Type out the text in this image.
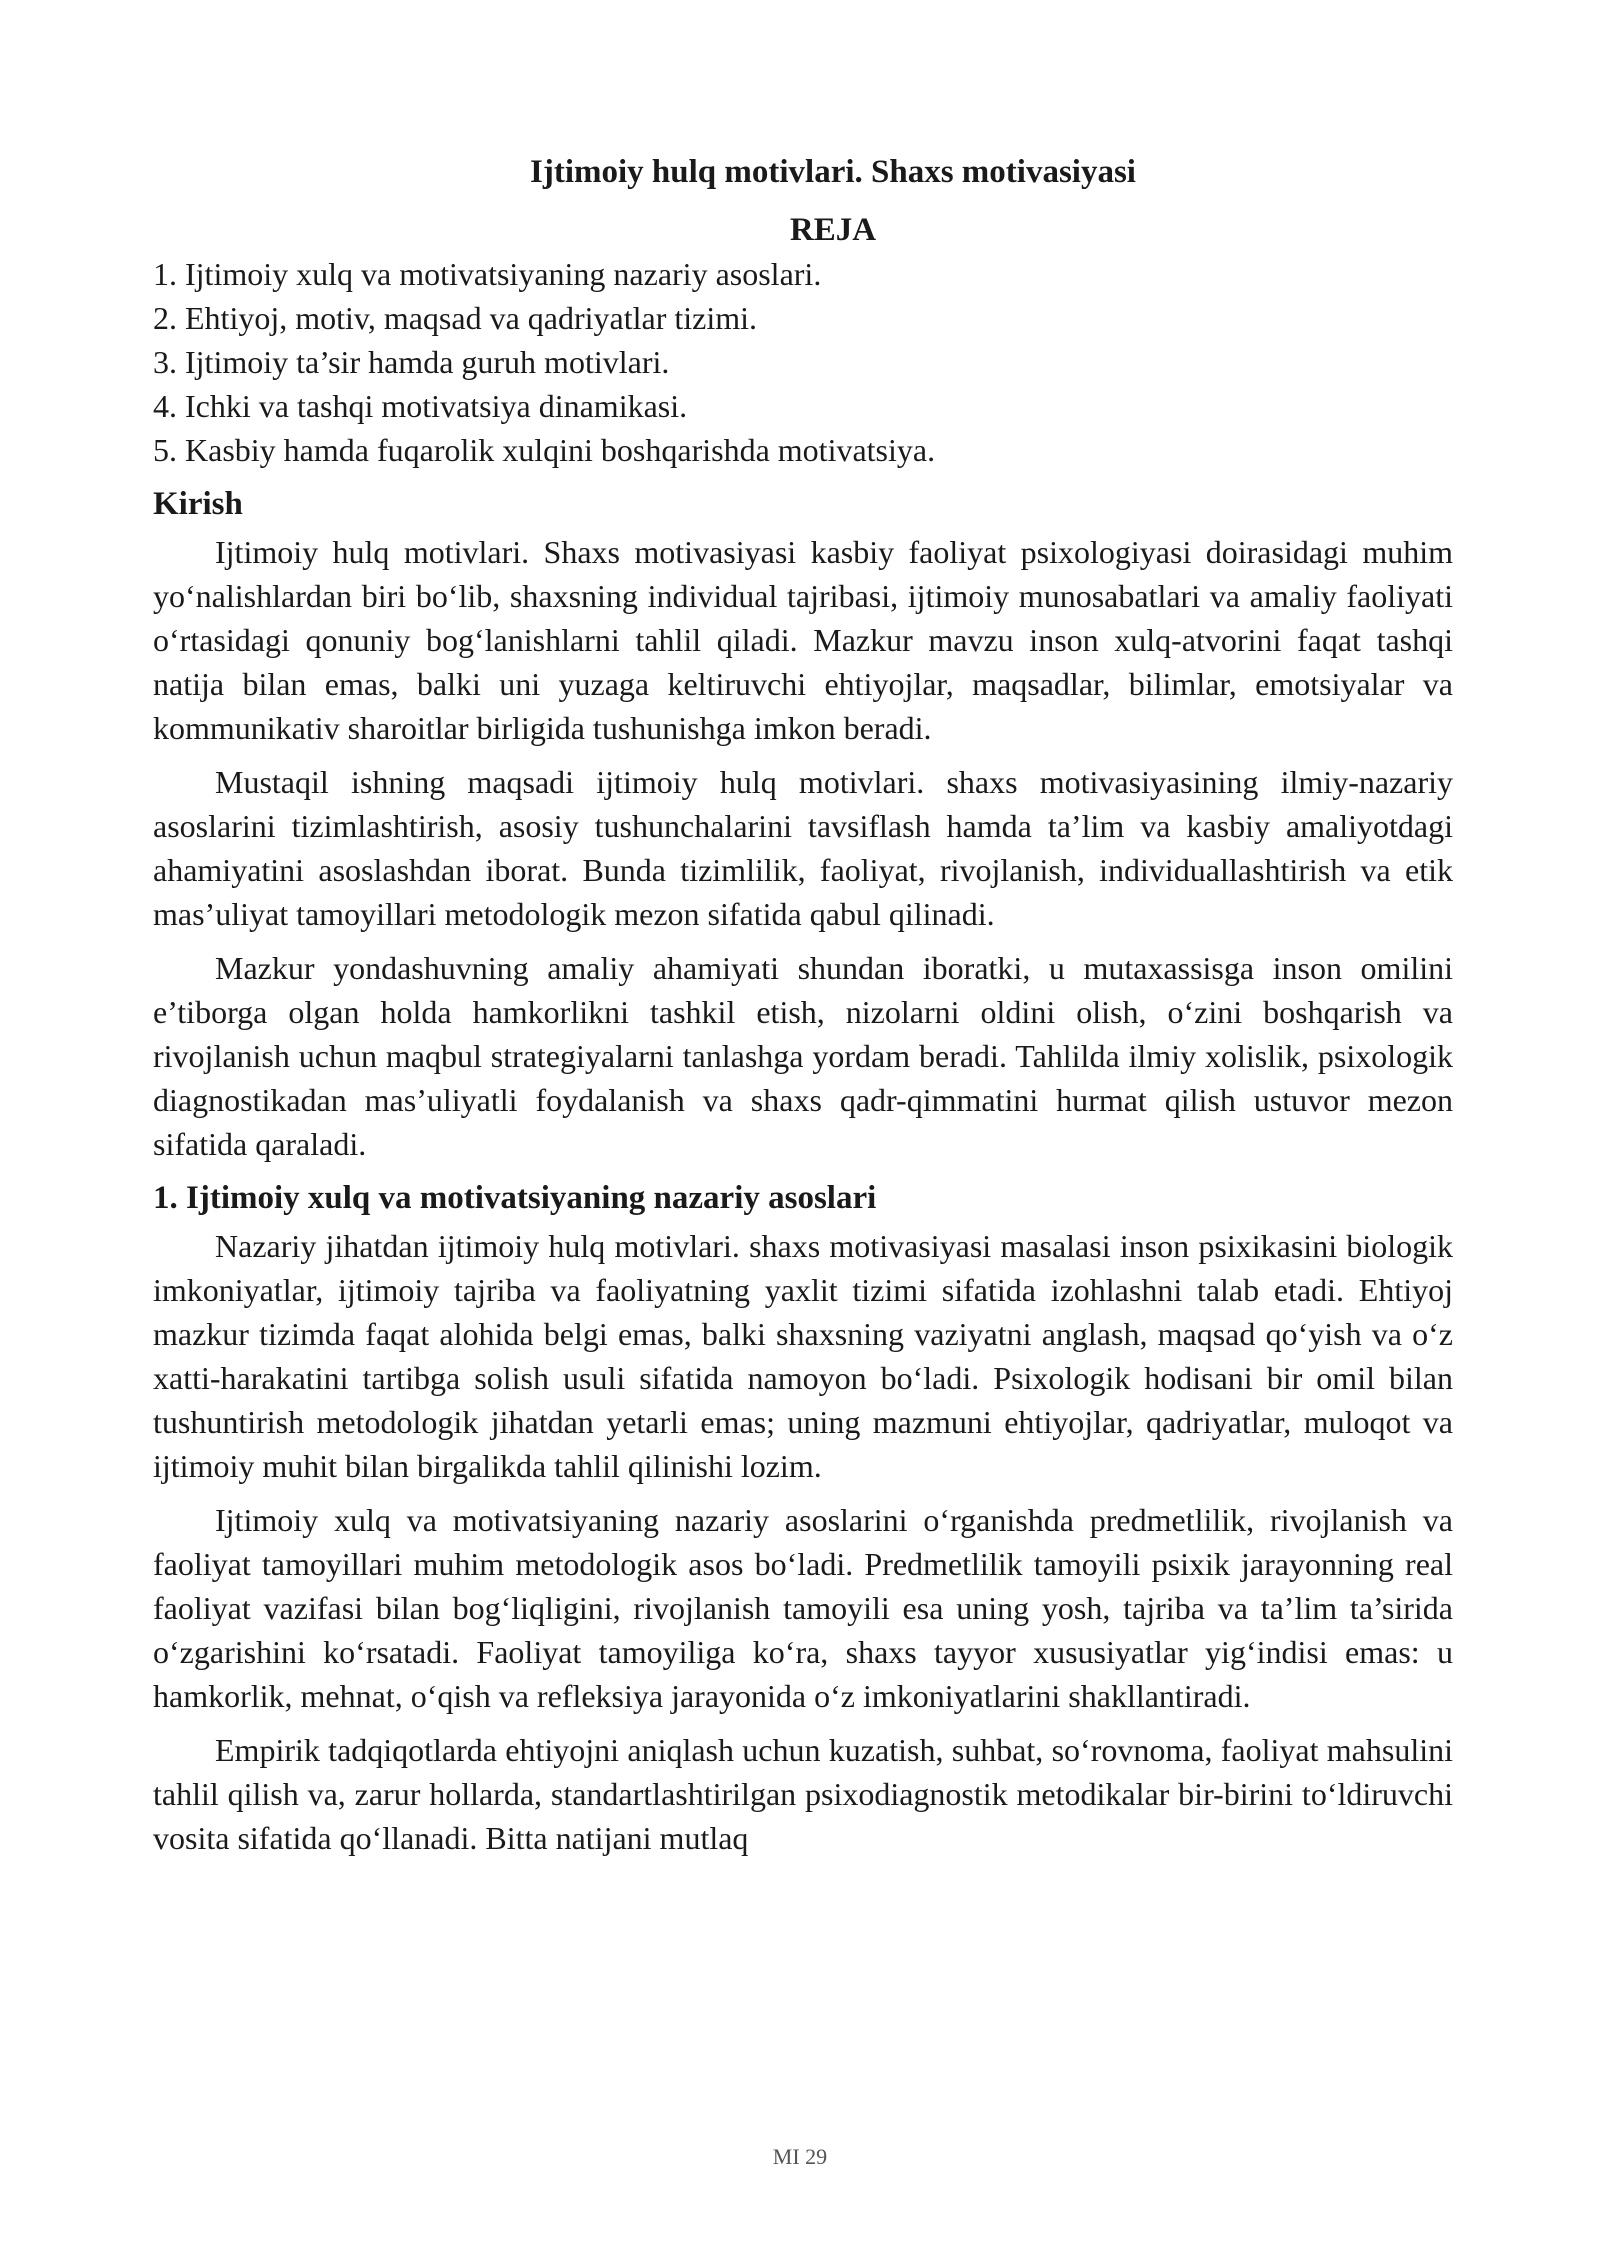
Ijtimoiy hulq motivlari. Shaxs motivasiyasi
REJA
1. Ijtimoiy xulq va motivatsiyaning nazariy asoslari.
2. Ehtiyoj, motiv, maqsad va qadriyatlar tizimi.
3. Ijtimoiy ta’sir hamda guruh motivlari.
4. Ichki va tashqi motivatsiya dinamikasi.
5. Kasbiy hamda fuqarolik xulqini boshqarishda motivatsiya.
Kirish

Ijtimoiy hulq motivlari. Shaxs motivasiyasi kasbiy faoliyat psixologiyasi doirasidagi muhim yo‘nalishlardan biri bo‘lib, shaxsning individual tajribasi, ijtimoiy munosabatlari va amaliy faoliyati o‘rtasidagi qonuniy bog‘lanishlarni tahlil qiladi. Mazkur mavzu inson xulq-atvorini faqat tashqi natija bilan emas, balki uni yuzaga keltiruvchi ehtiyojlar, maqsadlar, bilimlar, emotsiyalar va kommunikativ sharoitlar birligida tushunishga imkon beradi.

Mustaqil ishning maqsadi ijtimoiy hulq motivlari. shaxs motivasiyasining ilmiy-nazariy asoslarini tizimlashtirish, asosiy tushunchalarini tavsiflash hamda ta’lim va kasbiy amaliyotdagi ahamiyatini asoslashdan iborat. Bunda tizimlilik, faoliyat, rivojlanish, individuallashtirish va etik mas’uliyat tamoyillari metodologik mezon sifatida qabul qilinadi.

Mazkur yondashuvning amaliy ahamiyati shundan iboratki, u mutaxassisga inson omilini e’tiborga olgan holda hamkorlikni tashkil etish, nizolarni oldini olish, o‘zini boshqarish va rivojlanish uchun maqbul strategiyalarni tanlashga yordam beradi. Tahlilda ilmiy xolislik, psixologik diagnostikadan mas’uliyatli foydalanish va shaxs qadr-qimmatini hurmat qilish ustuvor mezon sifatida qaraladi.

1. Ijtimoiy xulq va motivatsiyaning nazariy asoslari

Nazariy jihatdan ijtimoiy hulq motivlari. shaxs motivasiyasi masalasi inson psixikasini biologik imkoniyatlar, ijtimoiy tajriba va faoliyatning yaxlit tizimi sifatida izohlashni talab etadi. Ehtiyoj mazkur tizimda faqat alohida belgi emas, balki shaxsning vaziyatni anglash, maqsad qo‘yish va o‘z xatti-harakatini tartibga solish usuli sifatida namoyon bo‘ladi. Psixologik hodisani bir omil bilan tushuntirish metodologik jihatdan yetarli emas; uning mazmuni ehtiyojlar, qadriyatlar, muloqot va ijtimoiy muhit bilan birgalikda tahlil qilinishi lozim.

Ijtimoiy xulq va motivatsiyaning nazariy asoslarini o‘rganishda predmetlilik, rivojlanish va faoliyat tamoyillari muhim metodologik asos bo‘ladi. Predmetlilik tamoyili psixik jarayonning real faoliyat vazifasi bilan bog‘liqligini, rivojlanish tamoyili esa uning yosh, tajriba va ta’lim ta’sirida o‘zgarishini ko‘rsatadi. Faoliyat tamoyiliga ko‘ra, shaxs tayyor xususiyatlar yig‘indisi emas: u hamkorlik, mehnat, o‘qish va refleksiya jarayonida o‘z imkoniyatlarini shakllantiradi.

Empirik tadqiqotlarda ehtiyojni aniqlash uchun kuzatish, suhbat, so‘rovnoma, faoliyat mahsulini tahlil qilish va, zarur hollarda, standartlashtirilgan psixodiagnostik metodikalar bir-birini to‘ldiruvchi vosita sifatida qo‘llanadi. Bitta natijani mutlaq

MI 29
